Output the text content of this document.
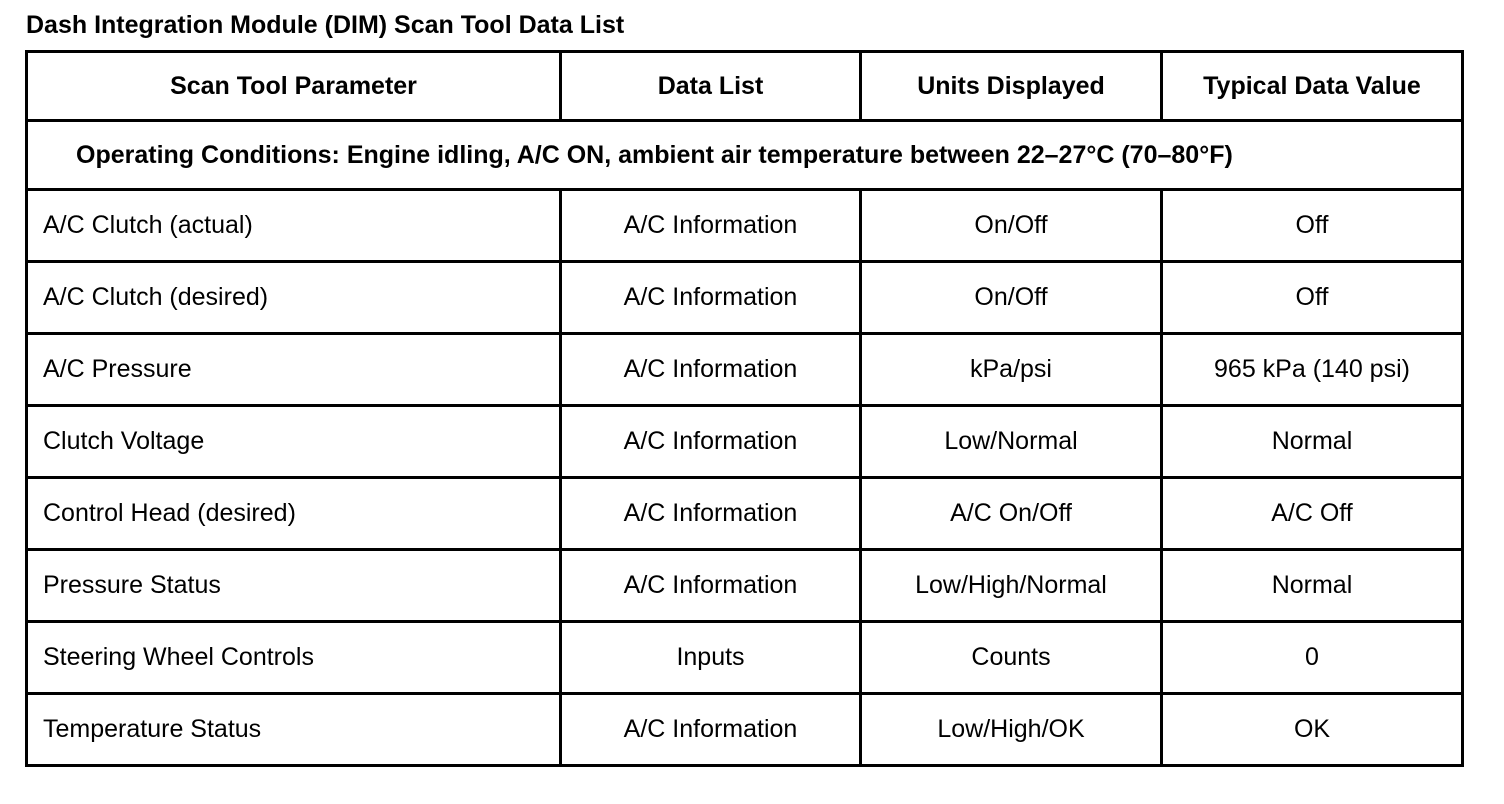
Dash Integration Module (DIM) Scan Tool Data List
Scan Tool Parameter	Data List	Units Displayed	Typical Data Value
Operating Conditions: Engine idling, A/C ON, ambient air temperature between 22–27°C (70–80°F)			
A/C Clutch (actual)	A/C Information	On/Off	Off
A/C Clutch (desired)	A/C Information	On/Off	Off
A/C Pressure	A/C Information	kPa/psi	965 kPa (140 psi)
Clutch Voltage	A/C Information	Low/Normal	Normal
Control Head (desired)	A/C Information	A/C On/Off	A/C Off
Pressure Status	A/C Information	Low/High/Normal	Normal
Steering Wheel Controls	Inputs	Counts	0
Temperature Status	A/C Information	Low/High/OK	OK
